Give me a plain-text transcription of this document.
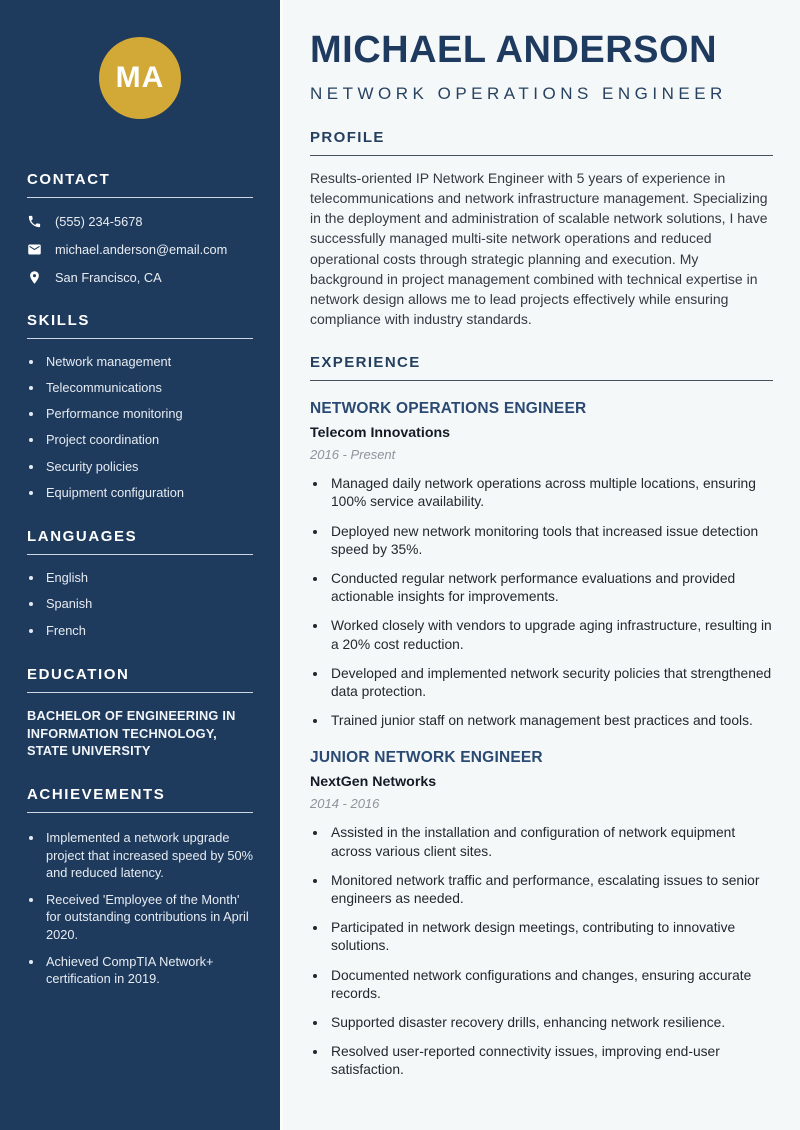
MA
CONTACT
(555) 234-5678
michael.anderson@email.com
San Francisco, CA
SKILLS
• Network management
• Telecommunications
• Performance monitoring
• Project coordination
• Security policies
• Equipment configuration
LANGUAGES
• English
• Spanish
• French
EDUCATION
BACHELOR OF ENGINEERING IN INFORMATION TECHNOLOGY, STATE UNIVERSITY
ACHIEVEMENTS
• Implemented a network upgrade project that increased speed by 50% and reduced latency.
• Received 'Employee of the Month' for outstanding contributions in April 2020.
• Achieved CompTIA Network+ certification in 2019.
MICHAEL ANDERSON
NETWORK OPERATIONS ENGINEER
PROFILE

Results-oriented IP Network Engineer with 5 years of experience in telecommunications and network infrastructure management. Specializing in the deployment and administration of scalable network solutions, I have successfully managed multi-site network operations and reduced operational costs through strategic planning and execution. My background in project management combined with technical expertise in network design allows me to lead projects effectively while ensuring compliance with industry standards.

EXPERIENCE
NETWORK OPERATIONS ENGINEER
Telecom Innovations
2016 - Present
• Managed daily network operations across multiple locations, ensuring 100% service availability.
• Deployed new network monitoring tools that increased issue detection speed by 35%.
• Conducted regular network performance evaluations and provided actionable insights for improvements.
• Worked closely with vendors to upgrade aging infrastructure, resulting in a 20% cost reduction.
• Developed and implemented network security policies that strengthened data protection.
• Trained junior staff on network management best practices and tools.
JUNIOR NETWORK ENGINEER
NextGen Networks
2014 - 2016
• Assisted in the installation and configuration of network equipment across various client sites.
• Monitored network traffic and performance, escalating issues to senior engineers as needed.
• Participated in network design meetings, contributing to innovative solutions.
• Documented network configurations and changes, ensuring accurate records.
• Supported disaster recovery drills, enhancing network resilience.
• Resolved user-reported connectivity issues, improving end-user satisfaction.
